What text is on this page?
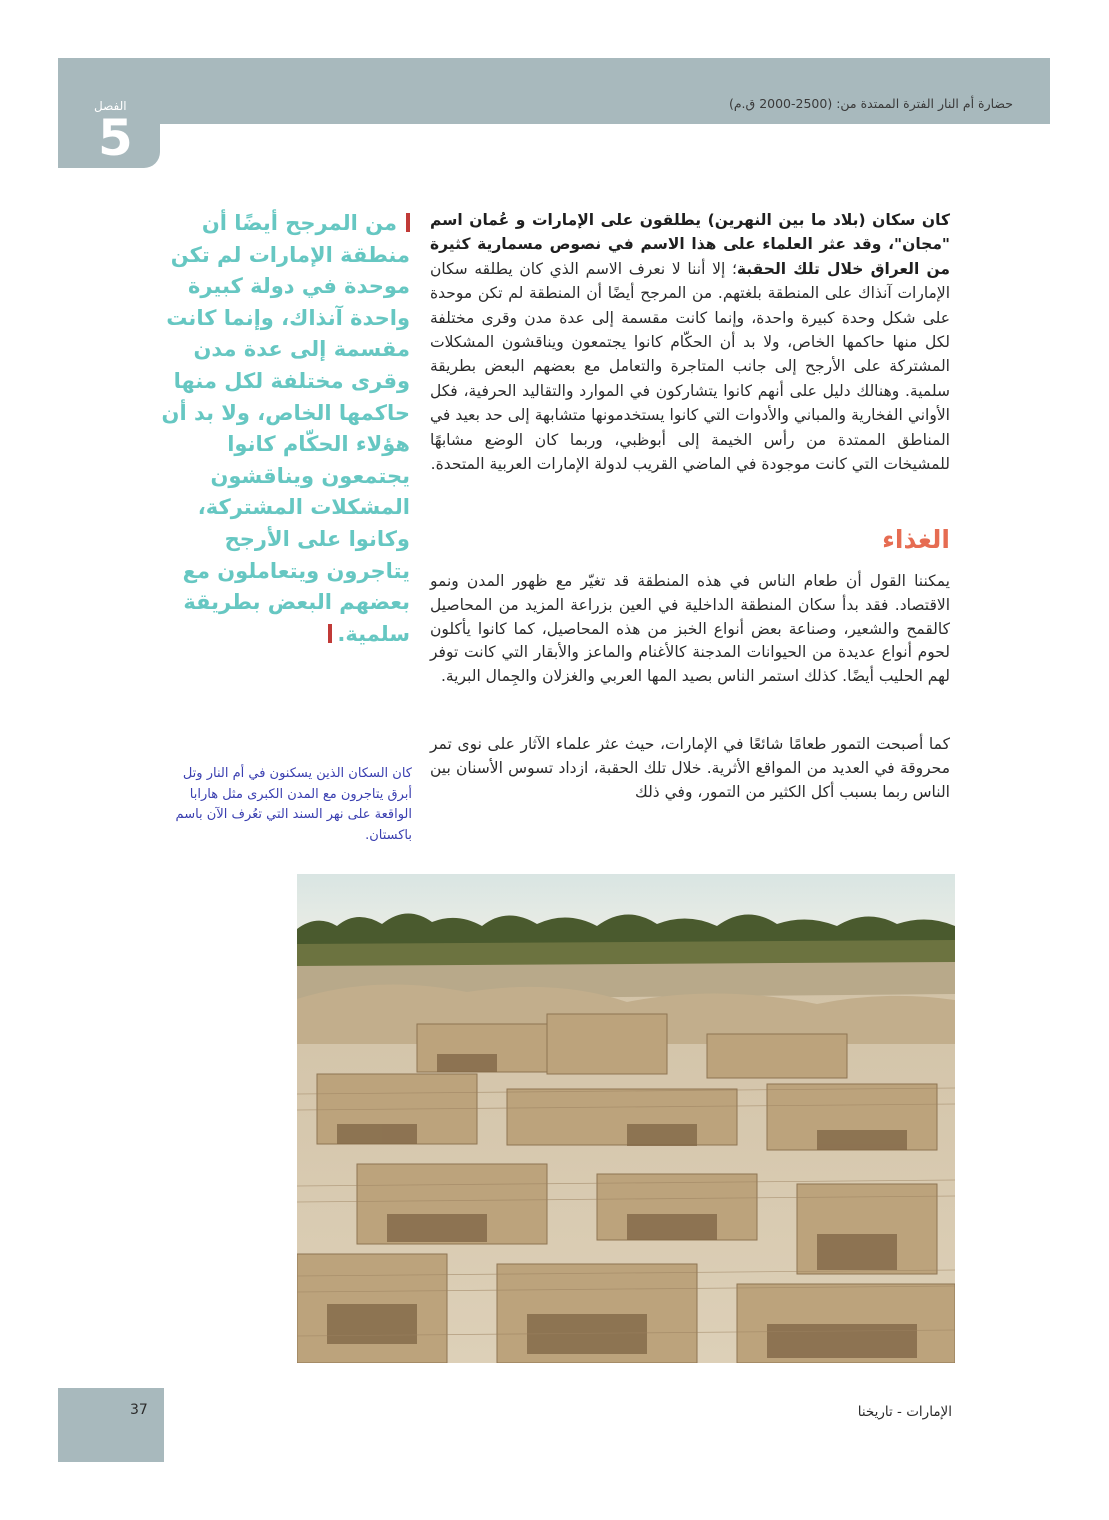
حضارة أم النار الفترة الممتدة من: (2500-2000 ق.م)
الفصل
5
كان سكان (بلاد ما بين النهرين) يطلقون على الإمارات و عُمان اسم "مجان"، وقد عثر العلماء على هذا الاسم في نصوص مسمارية كثيرة من العراق خلال تلك الحقبة؛ إلا أننا لا نعرف الاسم الذي كان يطلقه سكان الإمارات آنذاك على المنطقة بلغتهم. من المرجح أيضًا أن المنطقة لم تكن موحدة على شكل وحدة كبيرة واحدة، وإنما كانت مقسمة إلى عدة مدن وقرى مختلفة لكل منها حاكمها الخاص، ولا بد أن الحكّام كانوا يجتمعون ويناقشون المشكلات المشتركة على الأرجح إلى جانب المتاجرة والتعامل مع بعضهم البعض بطريقة سلمية. وهنالك دليل على أنهم كانوا يتشاركون في الموارد والتقاليد الحرفية، فكل الأواني الفخارية والمباني والأدوات التي كانوا يستخدمونها متشابهة إلى حد بعيد في المناطق الممتدة من رأس الخيمة إلى أبوظبي، وربما كان الوضع مشابهًا للمشيخات التي كانت موجودة في الماضي القريب لدولة الإمارات العربية المتحدة.
الغذاء
يمكننا القول أن طعام الناس في هذه المنطقة قد تغيّر مع ظهور المدن ونمو الاقتصاد. فقد بدأ سكان المنطقة الداخلية في العين بزراعة المزيد من المحاصيل كالقمح والشعير، وصناعة بعض أنواع الخبز من هذه المحاصيل، كما كانوا يأكلون لحوم أنواع عديدة من الحيوانات المدجنة كالأغنام والماعز والأبقار التي كانت توفر لهم الحليب أيضًا. كذلك استمر الناس بصيد المها العربي والغزلان والجِمال البرية.
كما أصبحت التمور طعامًا شائعًا في الإمارات، حيث عثر علماء الآثار على نوى تمر محروقة في العديد من المواقع الأثرية. خلال تلك الحقبة، ازداد تسوس الأسنان بين الناس ربما بسبب أكل الكثير من التمور، وفي ذلك
من المرجح أيضًا أن منطقة الإمارات لم تكن موحدة في دولة كبيرة واحدة آنذاك، وإنما كانت مقسمة إلى عدة مدن وقرى مختلفة لكل منها حاكمها الخاص، ولا بد أن هؤلاء الحكّام كانوا يجتمعون ويناقشون المشكلات المشتركة، وكانوا على الأرجح يتاجرون ويتعاملون مع بعضهم البعض بطريقة سلمية.
كان السكان الذين يسكنون في أم النار وتل أبرق يتاجرون مع المدن الكبرى مثل هارابا الواقعة على نهر السند التي تعُرف الآن باسم باكستان.
37	الإمارات - تاريخنا
